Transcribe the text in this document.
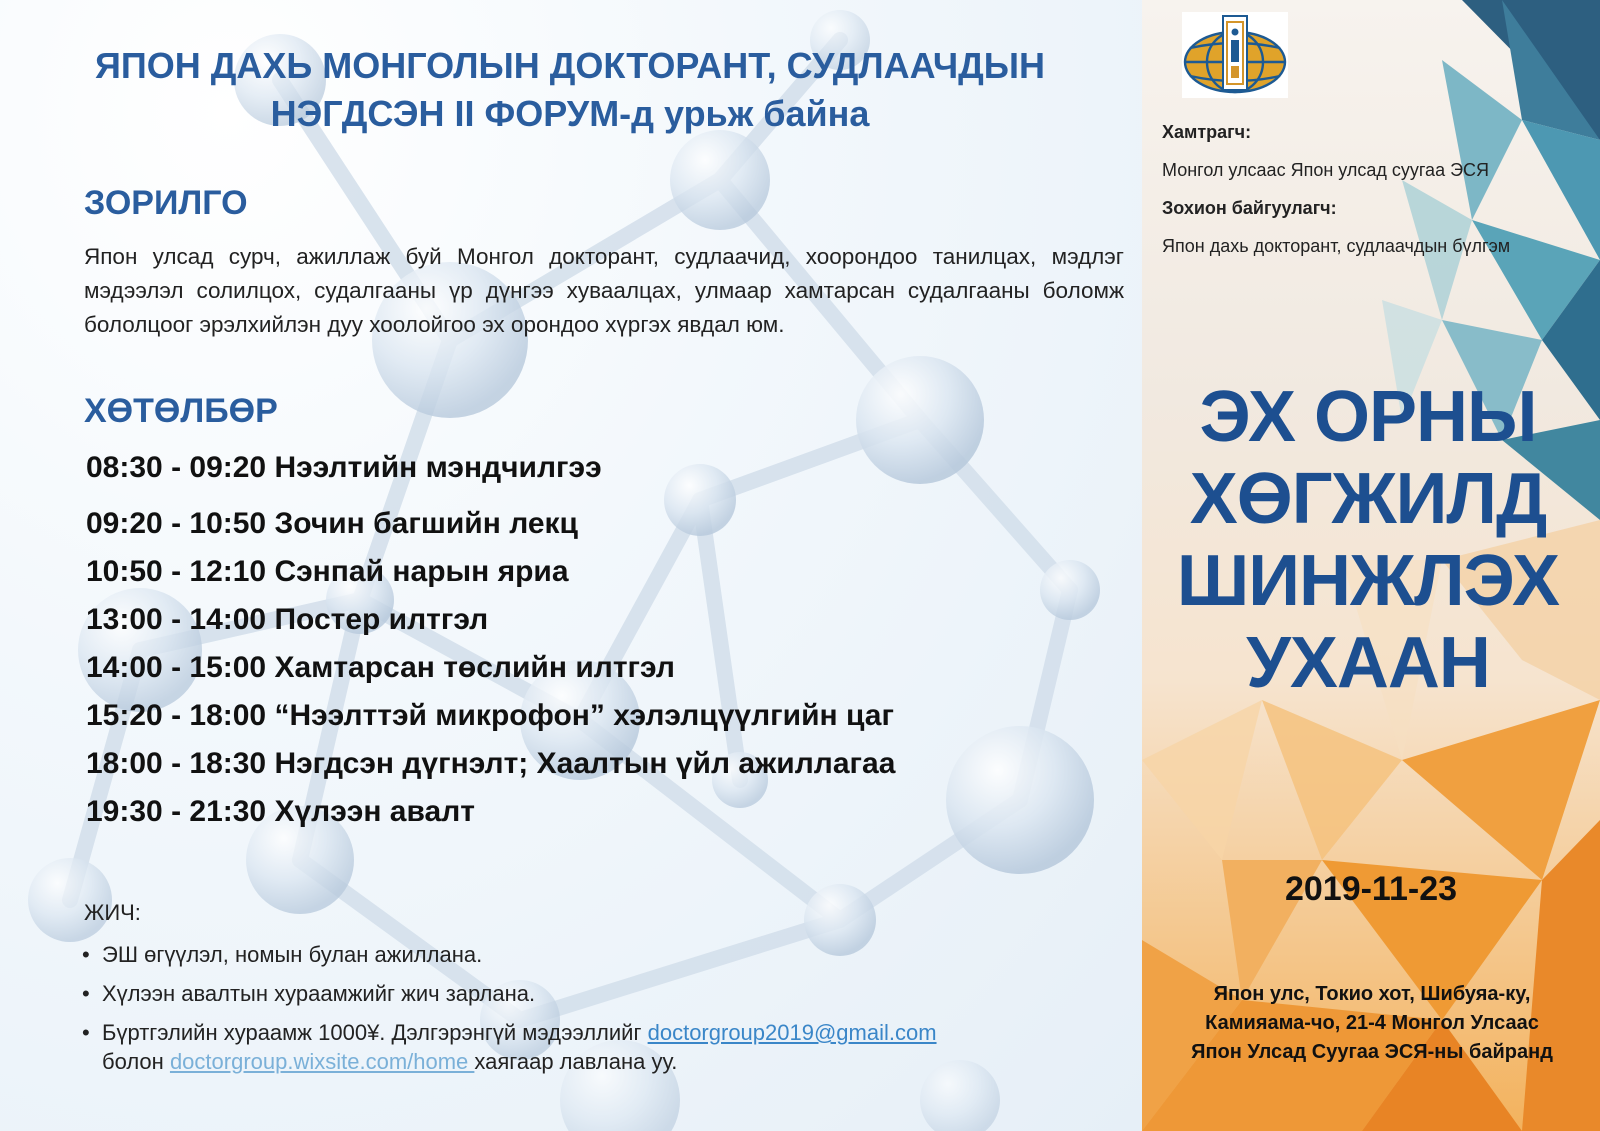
ЯПОН ДАХЬ МОНГОЛЫН ДОКТОРАНТ, СУДЛААЧДЫН
НЭГДСЭН II ФОРУМ-д урьж байна
ЗОРИЛГО
Япон улсад сурч, ажиллаж буй Монгол докторант, судлаачид, хоорондоо танилцах, мэдлэг мэдээлэл солилцох, судалгааны үр дүнгээ хуваалцах, улмаар хамтарсан судалгааны боломж бололцоог эрэлхийлэн дуу хоолойгоо эх орондоо хүргэх явдал юм.
ХӨТӨЛБӨР
08:30 - 09:20 Нээлтийн мэндчилгээ
09:20 - 10:50 Зочин багшийн лекц
10:50 - 12:10 Сэнпай нарын яриа
13:00 - 14:00 Постер илтгэл
14:00 - 15:00 Хамтарсан төслийн илтгэл
15:20 - 18:00 “Нээлттэй микрофон” хэлэлцүүлгийн цаг
18:00 - 18:30 Нэгдсэн дүгнэлт; Хаалтын үйл ажиллагаа
19:30 - 21:30 Хүлээн авалт
ЖИЧ:
• ЭШ өгүүлэл, номын булан ажиллана.
• Хүлээн авалтын хураамжийг жич зарлана.
• Бүртгэлийн хураамж 1000¥. Дэлгэрэнгүй мэдээллийг doctorgroup2019@gmail.com
болон doctorgroup.wixsite.com/home хаягаар лавлана уу.
Хамтрагч:
Монгол улсаас Япон улсад суугаа ЭСЯ
Зохион байгуулагч:
Япон дахь докторант, судлаачдын бүлгэм
ЭХ ОРНЫ
ХӨГЖИЛД
ШИНЖЛЭХ
УХААН
2019-11-23
Япон улс, Токио хот, Шибуяа-ку,
Камияама-чо, 21-4 Монгол Улсаас
Япон Улсад Суугаа ЭСЯ-ны байранд
